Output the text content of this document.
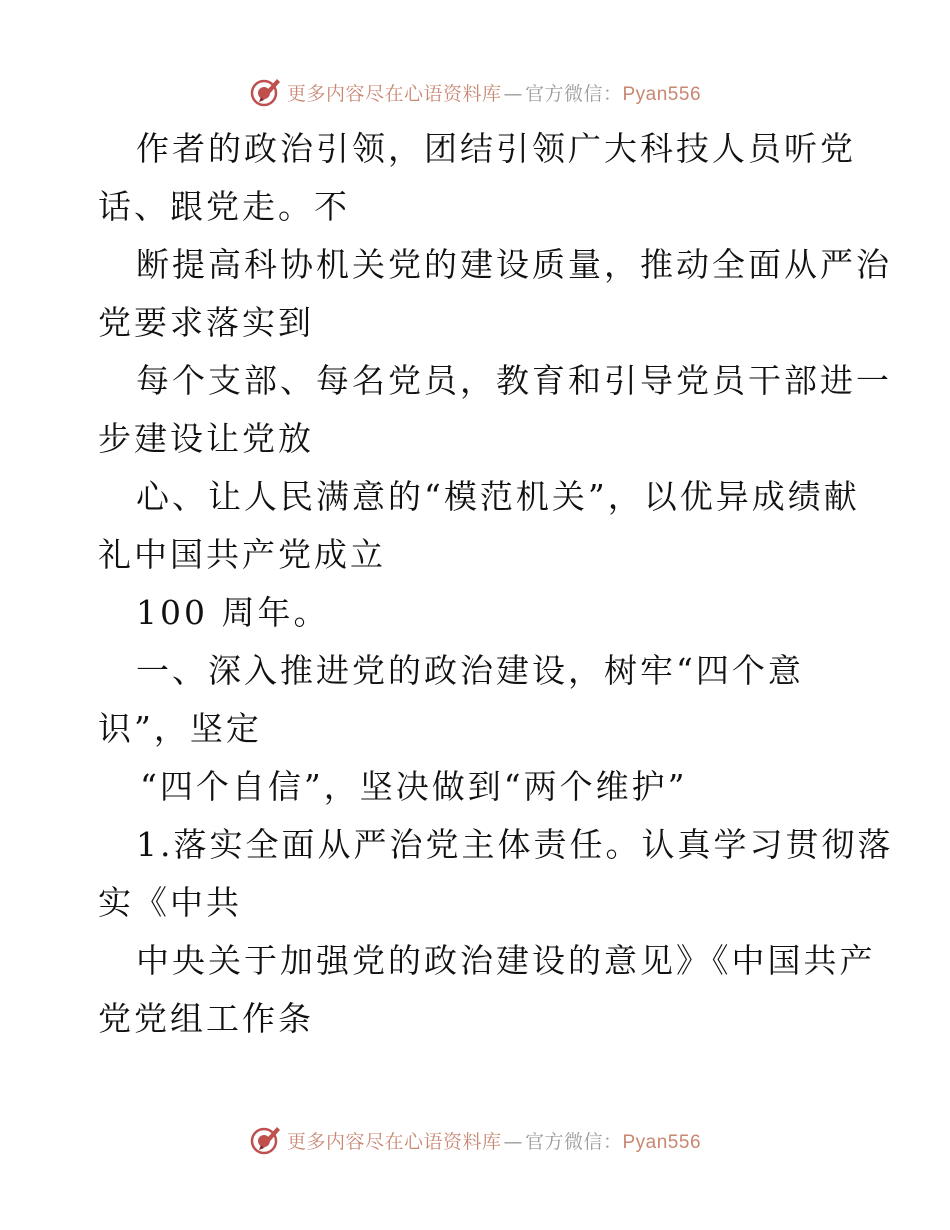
更多内容尽在心语资料库 — 官方微信：Pyan556
作者的政治引领，团结引领广大科技人员听党
话、跟党走。不
断提高科协机关党的建设质量，推动全面从严治
党要求落实到
每个支部、每名党员，教育和引导党员干部进一
步建设让党放
心、让人民满意的“模范机关”，以优异成绩献
礼中国共产党成立
100 周年。
一、深入推进党的政治建设，树牢“四个意
识”，坚定
“四个自信”，坚决做到“两个维护”
1.落实全面从严治党主体责任。认真学习贯彻落
实《中共
中央关于加强党的政治建设的意见》《中国共产
党党组工作条
更多内容尽在心语资料库 — 官方微信：Pyan556
